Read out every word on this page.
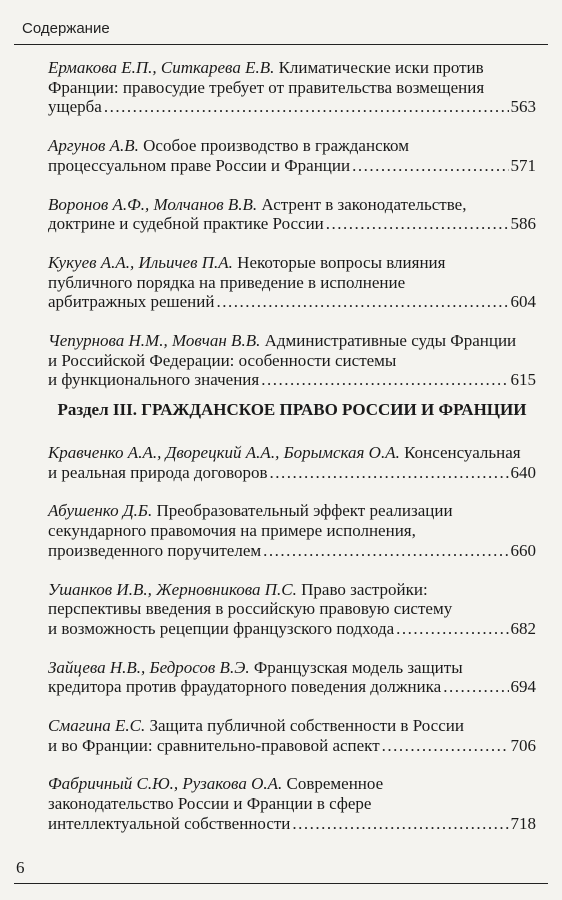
Содержание
Ермакова Е.П., Ситкарева Е.В. Климатические иски против
Франции: правосудие требует от правительства возмещения
ущерба .....	563
Аргунов А.В. Особое производство в гражданском
процессуальном праве России и Франции .....	571
Воронов А.Ф., Молчанов В.В. Астрент в законодательстве,
доктрине и судебной практике России .....	586
Кукуев А.А., Ильичев П.А. Некоторые вопросы влияния
публичного порядка на приведение в исполнение
арбитражных решений .....	604
Чепурнова Н.М., Мовчан В.В. Административные суды Франции
и Российской Федерации: особенности системы
и функционального значения .....	615
Раздел III. ГРАЖДАНСКОЕ ПРАВО РОССИИ И ФРАНЦИИ
Кравченко А.А., Дворецкий А.А., Борымская О.А. Консенсуальная
и реальная природа договоров .....	640
Абушенко Д.Б. Преобразовательный эффект реализации
секундарного правомочия на примере исполнения,
произведенного поручителем .....	660
Ушанков И.В., Жерновникова П.С. Право застройки:
перспективы введения в российскую правовую систему
и возможность рецепции французского подхода .....	682
Зайцева Н.В., Бедросов В.Э. Французская модель защиты
кредитора против фраудаторного поведения должника .....	694
Смагина Е.С. Защита публичной собственности в России
и во Франции: сравнительно-правовой аспект .....	706
Фабричный С.Ю., Рузакова О.А. Современное
законодательство России и Франции в сфере
интеллектуальной собственности .....	718
6
